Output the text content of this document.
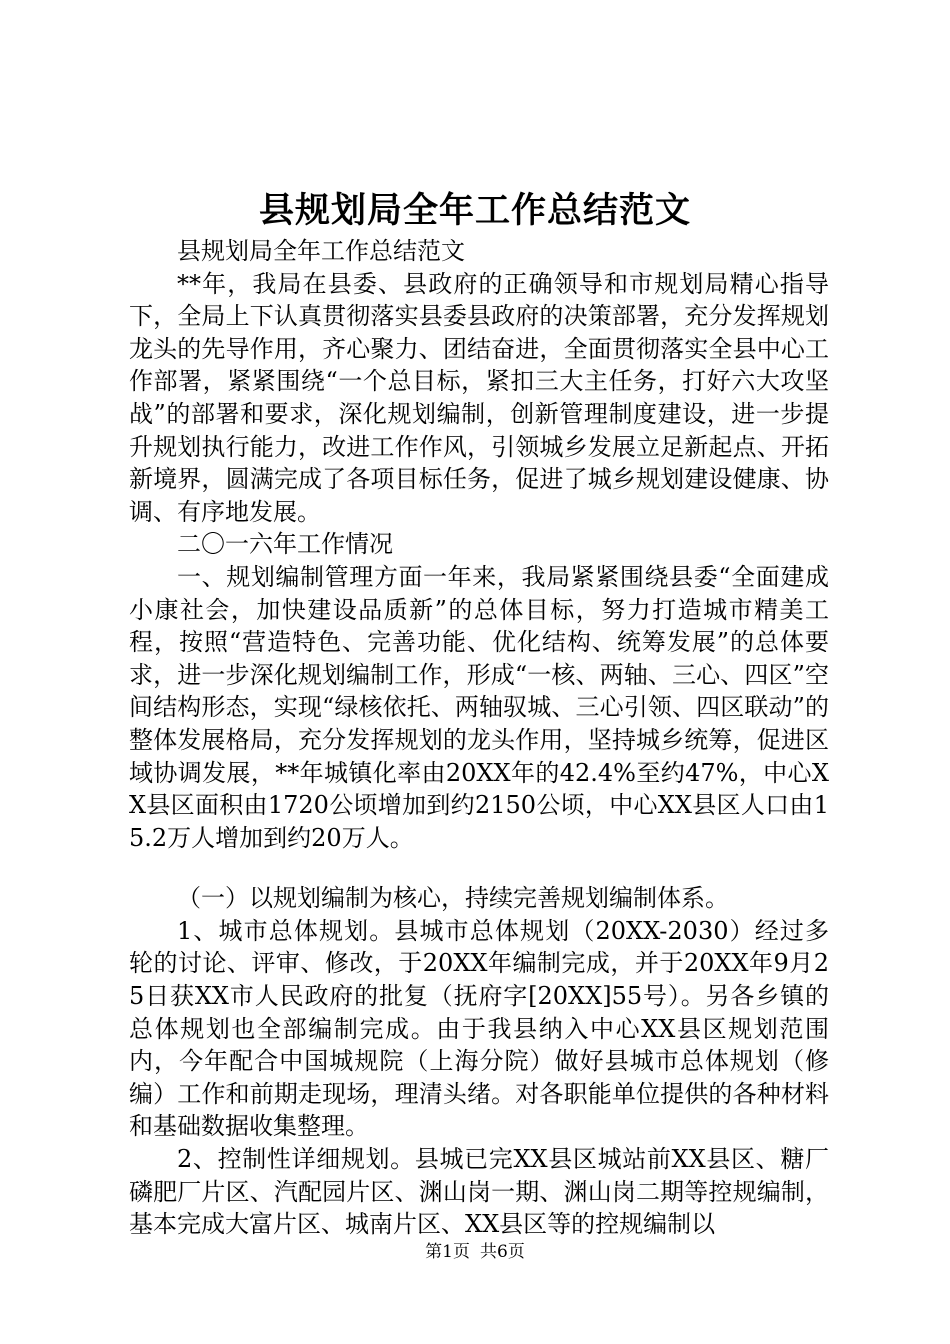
县规划局全年工作总结范文

县规划局全年工作总结范文

**年，我局在县委、县政府的正确领导和市规划局精心指导下，全局上下认真贯彻落实县委县政府的决策部署，充分发挥规划龙头的先导作用，齐心聚力、团结奋进，全面贯彻落实全县中心工作部署，紧紧围绕“一个总目标，紧扣三大主任务，打好六大攻坚战”的部署和要求，深化规划编制，创新管理制度建设，进一步提升规划执行能力，改进工作作风，引领城乡发展立足新起点、开拓新境界，圆满完成了各项目标任务，促进了城乡规划建设健康、协调、有序地发展。

二〇一六年工作情况

一、规划编制管理方面一年来，我局紧紧围绕县委“全面建成小康社会，加快建设品质新”的总体目标，努力打造城市精美工程，按照“营造特色、完善功能、优化结构、统筹发展”的总体要求，进一步深化规划编制工作，形成“一核、两轴、三心、四区”空间结构形态，实现“绿核依托、两轴驭城、三心引领、四区联动”的整体发展格局，充分发挥规划的龙头作用，坚持城乡统筹，促进区域协调发展，**年城镇化率由20XX年的42.4%至约47%，中心XX县区面积由1720公顷增加到约2150公顷，中心XX县区人口由15.2万人增加到约20万人。

（一）以规划编制为核心，持续完善规划编制体系。

1、城市总体规划。县城市总体规划（20XX-2030）经过多轮的讨论、评审、修改，于20XX年编制完成，并于20XX年9月25日获XX市人民政府的批复（抚府字[20XX]55号）。另各乡镇的总体规划也全部编制完成。由于我县纳入中心XX县区规划范围内，今年配合中国城规院（上海分院）做好县城市总体规划（修编）工作和前期走现场，理清头绪。对各职能单位提供的各种材料和基础数据收集整理。

2、控制性详细规划。县城已完XX县区城站前XX县区、糖厂磷肥厂片区、汽配园片区、渊山岗一期、渊山岗二期等控规编制，基本完成大富片区、城南片区、XX县区等的控规编制以

第1页 共6页
